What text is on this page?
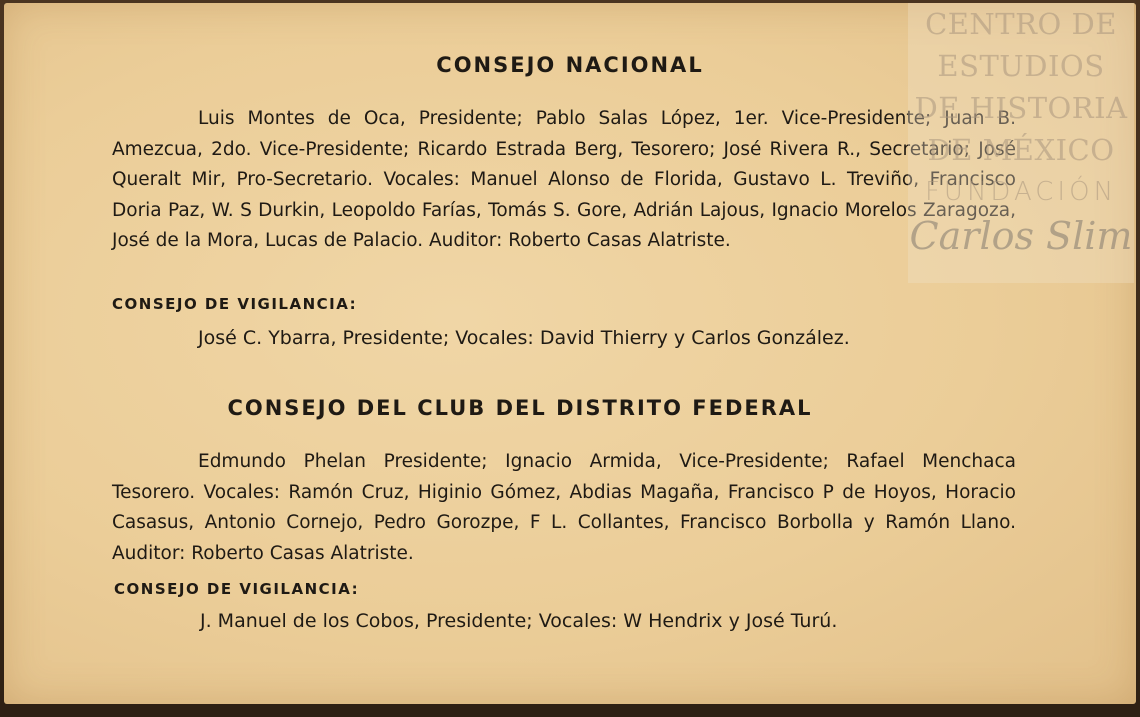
CONSEJO NACIONAL
Luis Montes de Oca, Presidente; Pablo Salas López, 1er. Vice-Presidente; Juan B. Amezcua, 2do. Vice-Presidente; Ricardo Estrada Berg, Tesorero; José Rivera R., Secretario; José Queralt Mir, Pro-Secretario. Vocales: Manuel Alonso de Florida, Gustavo L. Treviño, Francisco Doria Paz, W. S Durkin, Leopoldo Farías, Tomás S. Gore, Adrián Lajous, Ignacio Morelos Zaragoza, José de la Mora, Lucas de Palacio. Auditor: Roberto Casas Alatriste.
CONSEJO DE VIGILANCIA:
José C. Ybarra, Presidente; Vocales: David Thierry y Carlos González.
CONSEJO DEL CLUB DEL DISTRITO FEDERAL
Edmundo Phelan Presidente; Ignacio Armida, Vice-Presidente; Rafael Menchaca Tesorero. Vocales: Ramón Cruz, Higinio Gómez, Abdias Magaña, Francisco P de Hoyos, Horacio Casasus, Antonio Cornejo, Pedro Gorozpe, F L. Collantes, Francisco Borbolla y Ramón Llano. Auditor: Roberto Casas Alatriste.
CONSEJO DE VIGILANCIA:
J. Manuel de los Cobos, Presidente; Vocales: W Hendrix y José Turú.
CENTRO DE
ESTUDIOS
DE HISTORIA
DE MÉXICO
FUNDACIÓN
Carlos Slim
